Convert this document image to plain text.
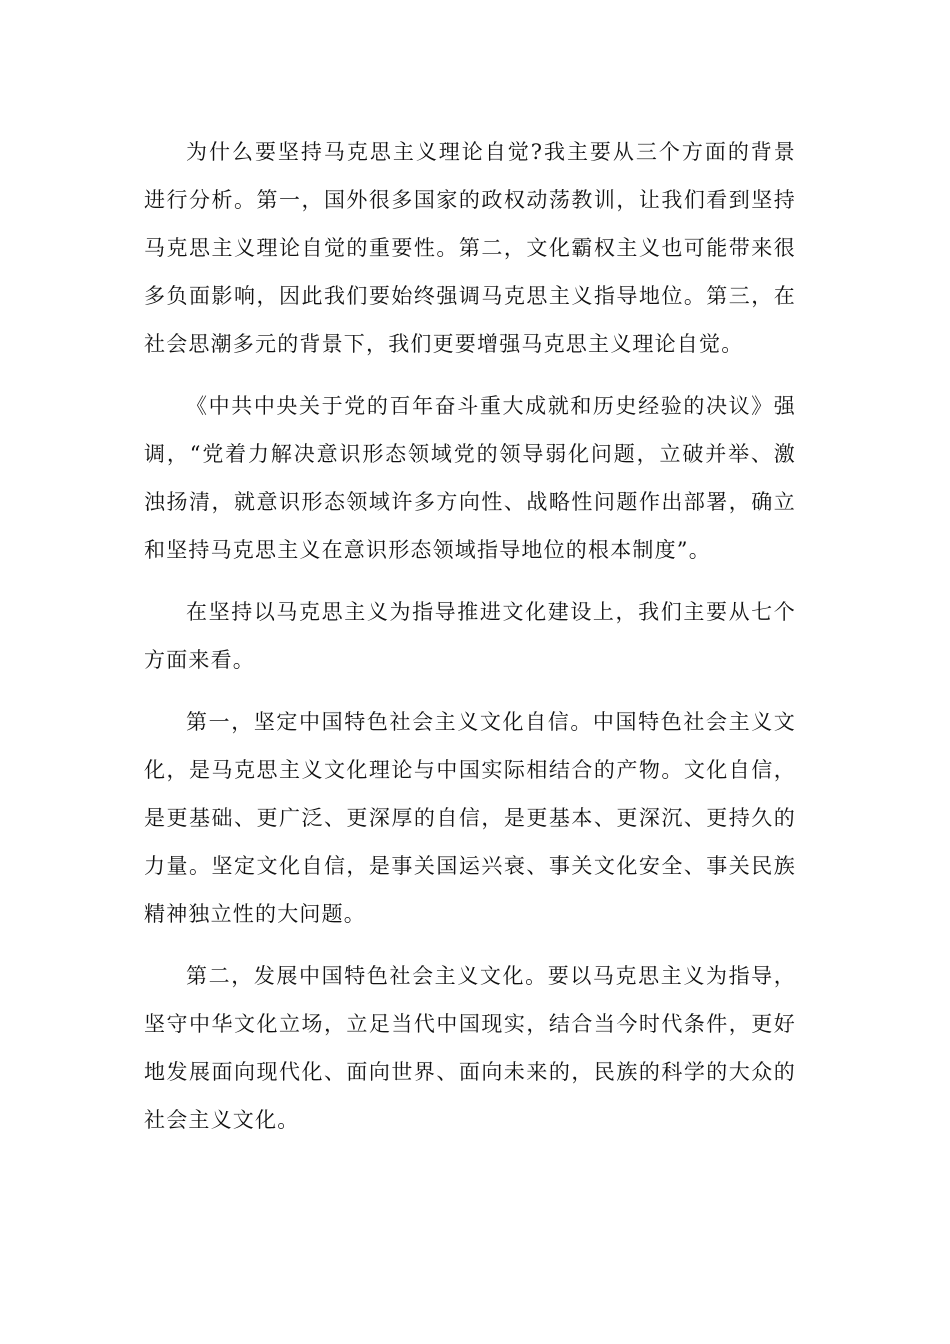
为什么要坚持马克思主义理论自觉?我主要从三个方面的背景进行分析。第一，国外很多国家的政权动荡教训，让我们看到坚持马克思主义理论自觉的重要性。第二，文化霸权主义也可能带来很多负面影响，因此我们要始终强调马克思主义指导地位。第三，在社会思潮多元的背景下，我们更要增强马克思主义理论自觉。

《中共中央关于党的百年奋斗重大成就和历史经验的决议》强调，“党着力解决意识形态领域党的领导弱化问题，立破并举、激浊扬清，就意识形态领域许多方向性、战略性问题作出部署，确立和坚持马克思主义在意识形态领域指导地位的根本制度”。

在坚持以马克思主义为指导推进文化建设上，我们主要从七个方面来看。

第一，坚定中国特色社会主义文化自信。中国特色社会主义文化，是马克思主义文化理论与中国实际相结合的产物。文化自信，是更基础、更广泛、更深厚的自信，是更基本、更深沉、更持久的力量。坚定文化自信，是事关国运兴衰、事关文化安全、事关民族精神独立性的大问题。

第二，发展中国特色社会主义文化。要以马克思主义为指导，坚守中华文化立场，立足当代中国现实，结合当今时代条件，更好地发展面向现代化、面向世界、面向未来的，民族的科学的大众的社会主义文化。
